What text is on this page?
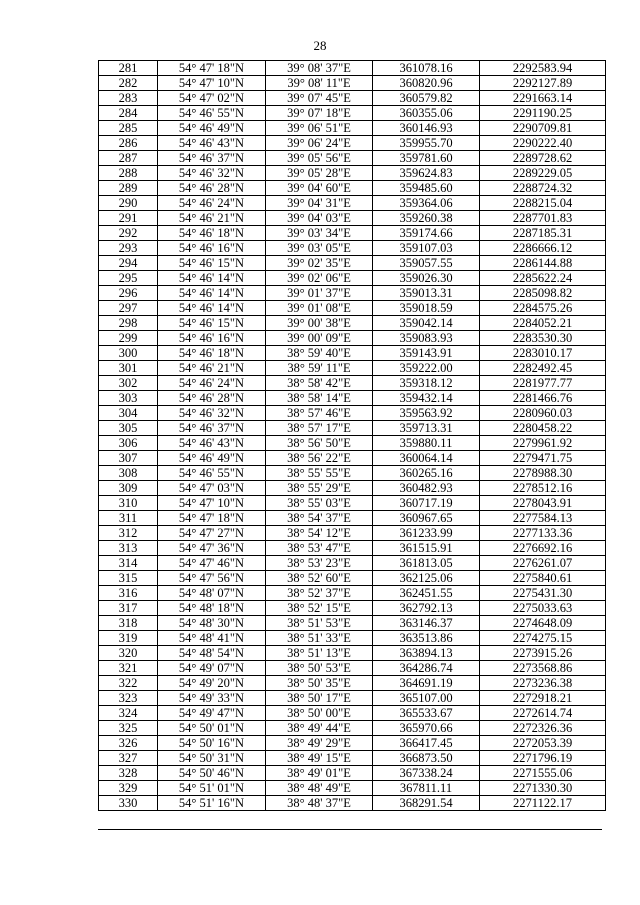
28
281	54° 47' 18"N	39° 08' 37"E	361078.16	2292583.94
282	54° 47' 10"N	39° 08' 11"E	360820.96	2292127.89
283	54° 47' 02"N	39° 07' 45"E	360579.82	2291663.14
284	54° 46' 55"N	39° 07' 18"E	360355.06	2291190.25
285	54° 46' 49"N	39° 06' 51"E	360146.93	2290709.81
286	54° 46' 43"N	39° 06' 24"E	359955.70	2290222.40
287	54° 46' 37"N	39° 05' 56"E	359781.60	2289728.62
288	54° 46' 32"N	39° 05' 28"E	359624.83	2289229.05
289	54° 46' 28"N	39° 04' 60"E	359485.60	2288724.32
290	54° 46' 24"N	39° 04' 31"E	359364.06	2288215.04
291	54° 46' 21"N	39° 04' 03"E	359260.38	2287701.83
292	54° 46' 18"N	39° 03' 34"E	359174.66	2287185.31
293	54° 46' 16"N	39° 03' 05"E	359107.03	2286666.12
294	54° 46' 15"N	39° 02' 35"E	359057.55	2286144.88
295	54° 46' 14"N	39° 02' 06"E	359026.30	2285622.24
296	54° 46' 14"N	39° 01' 37"E	359013.31	2285098.82
297	54° 46' 14"N	39° 01' 08"E	359018.59	2284575.26
298	54° 46' 15"N	39° 00' 38"E	359042.14	2284052.21
299	54° 46' 16"N	39° 00' 09"E	359083.93	2283530.30
300	54° 46' 18"N	38° 59' 40"E	359143.91	2283010.17
301	54° 46' 21"N	38° 59' 11"E	359222.00	2282492.45
302	54° 46' 24"N	38° 58' 42"E	359318.12	2281977.77
303	54° 46' 28"N	38° 58' 14"E	359432.14	2281466.76
304	54° 46' 32"N	38° 57' 46"E	359563.92	2280960.03
305	54° 46' 37"N	38° 57' 17"E	359713.31	2280458.22
306	54° 46' 43"N	38° 56' 50"E	359880.11	2279961.92
307	54° 46' 49"N	38° 56' 22"E	360064.14	2279471.75
308	54° 46' 55"N	38° 55' 55"E	360265.16	2278988.30
309	54° 47' 03"N	38° 55' 29"E	360482.93	2278512.16
310	54° 47' 10"N	38° 55' 03"E	360717.19	2278043.91
311	54° 47' 18"N	38° 54' 37"E	360967.65	2277584.13
312	54° 47' 27"N	38° 54' 12"E	361233.99	2277133.36
313	54° 47' 36"N	38° 53' 47"E	361515.91	2276692.16
314	54° 47' 46"N	38° 53' 23"E	361813.05	2276261.07
315	54° 47' 56"N	38° 52' 60"E	362125.06	2275840.61
316	54° 48' 07"N	38° 52' 37"E	362451.55	2275431.30
317	54° 48' 18"N	38° 52' 15"E	362792.13	2275033.63
318	54° 48' 30"N	38° 51' 53"E	363146.37	2274648.09
319	54° 48' 41"N	38° 51' 33"E	363513.86	2274275.15
320	54° 48' 54"N	38° 51' 13"E	363894.13	2273915.26
321	54° 49' 07"N	38° 50' 53"E	364286.74	2273568.86
322	54° 49' 20"N	38° 50' 35"E	364691.19	2273236.38
323	54° 49' 33"N	38° 50' 17"E	365107.00	2272918.21
324	54° 49' 47"N	38° 50' 00"E	365533.67	2272614.74
325	54° 50' 01"N	38° 49' 44"E	365970.66	2272326.36
326	54° 50' 16"N	38° 49' 29"E	366417.45	2272053.39
327	54° 50' 31"N	38° 49' 15"E	366873.50	2271796.19
328	54° 50' 46"N	38° 49' 01"E	367338.24	2271555.06
329	54° 51' 01"N	38° 48' 49"E	367811.11	2271330.30
330	54° 51' 16"N	38° 48' 37"E	368291.54	2271122.17
